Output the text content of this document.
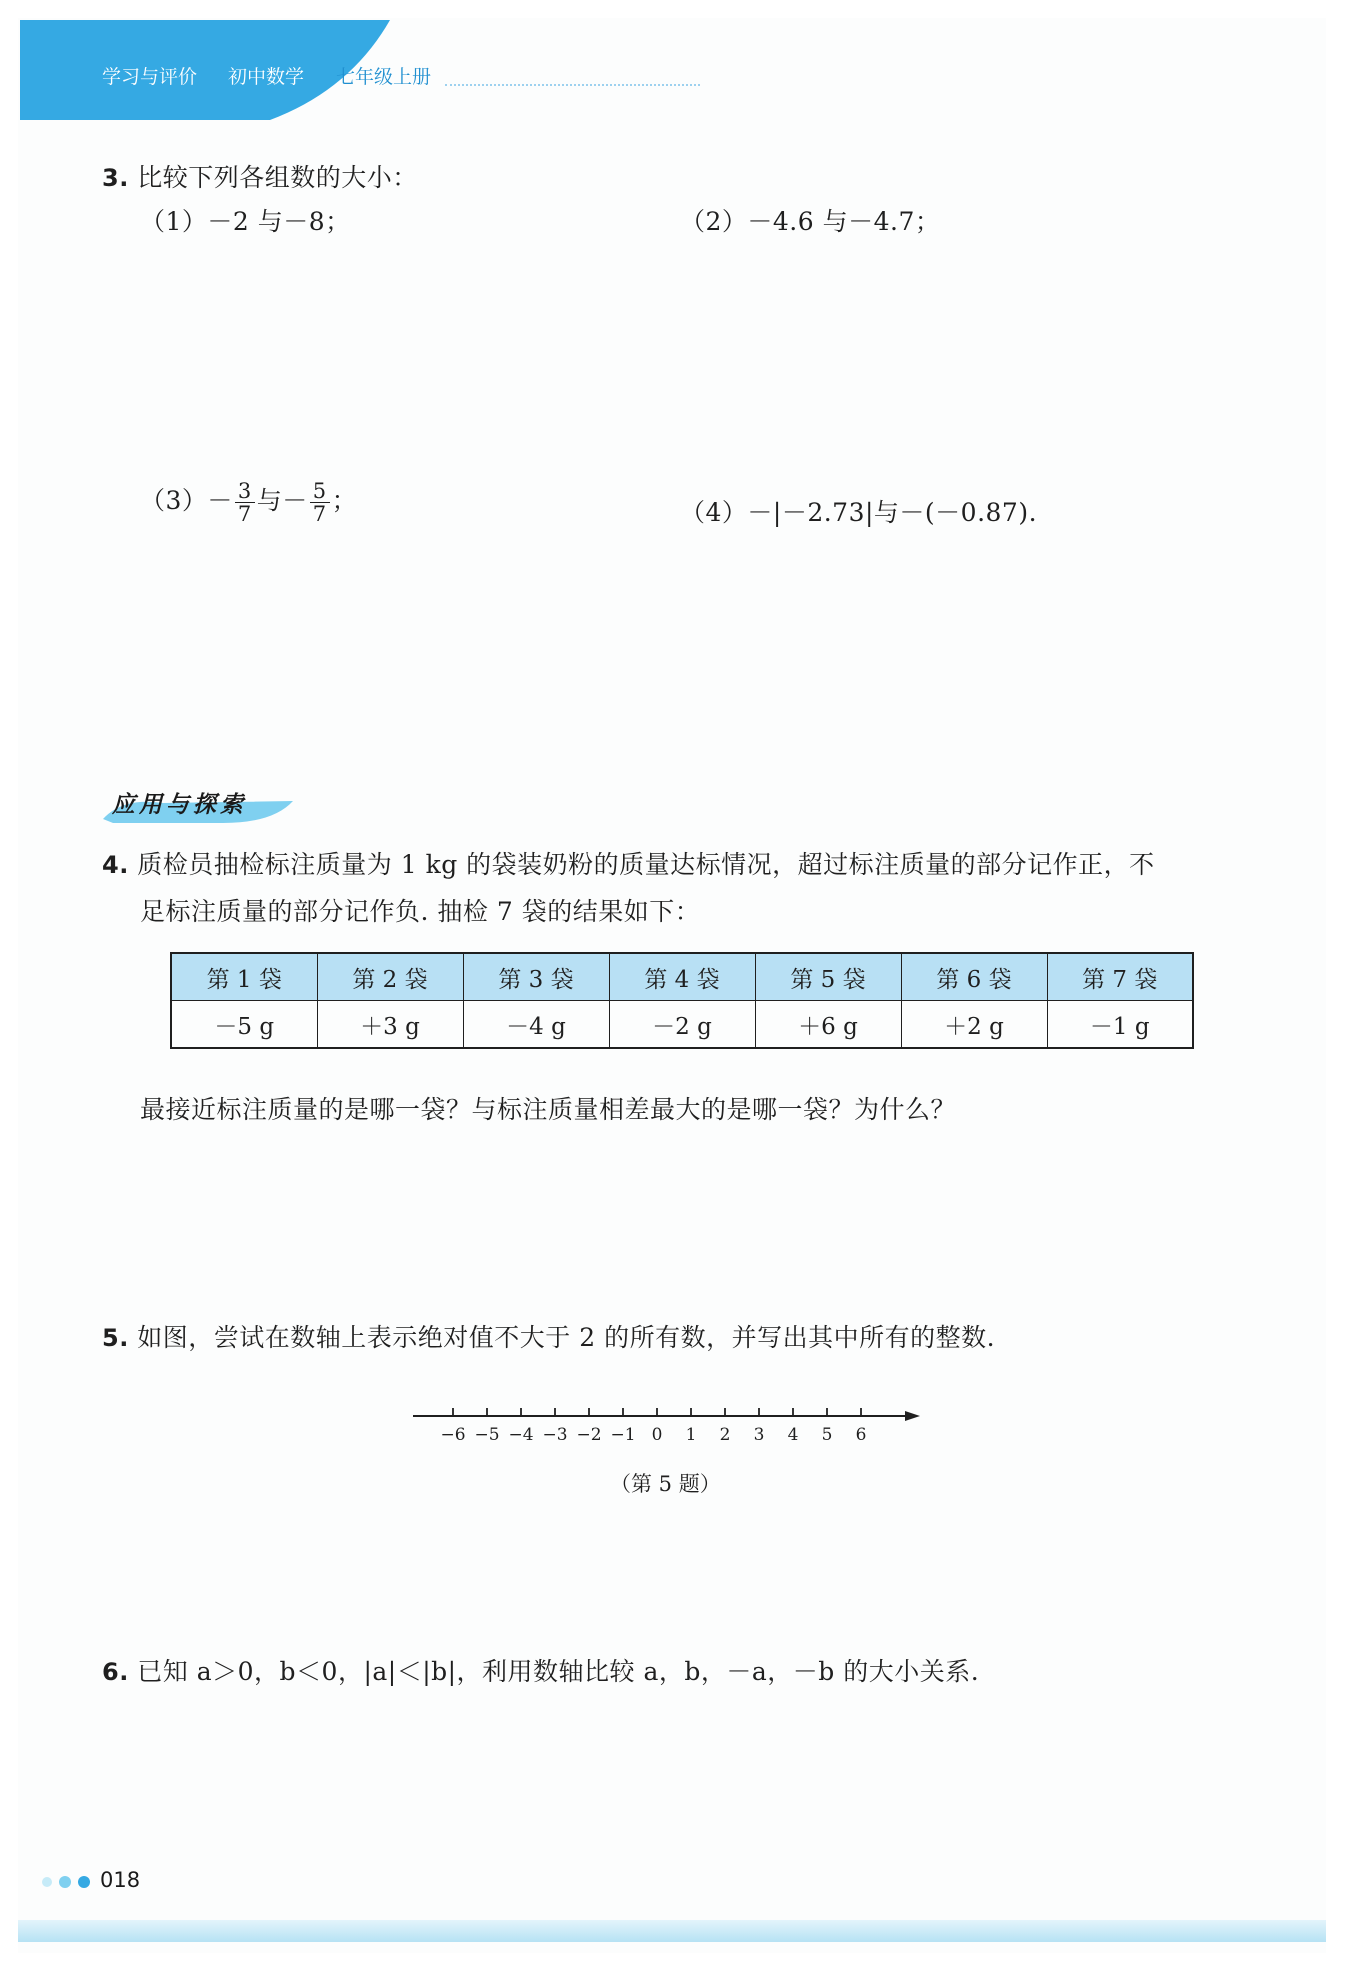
学习与评价 初中数学 七年级上册
3. 比较下列各组数的大小：
（1）－2 与－8；	（2）－4.6 与－4.7；
$(3)- \frac{3}{7}$ 与－ $\frac{5}{7}$ ；	（4）－|－2.73|与－(－0.87).
应用与探索
4. 质检员抽检标注质量为 1 kg 的袋装奶粉的质量达标情况，超过标注质量的部分记作正，不
足标注质量的部分记作负. 抽检 7 袋的结果如下：
第 1 袋	第 2 袋	第 3 袋	第 4 袋	第 5 袋	第 6 袋	第 7 袋
－5 g	＋3 g	－4 g	－2 g	＋6 g	＋2 g	－1 g
最接近标注质量的是哪一袋？与标注质量相差最大的是哪一袋？为什么？
5. 如图，尝试在数轴上表示绝对值不大于 2 的所有数，并写出其中所有的整数.
−6 −5 −4 −3 −2 −1 0 1 2 3 4 5 6
（第 5 题）
6. 已知 a＞0，b＜0，|a|＜|b|，利用数轴比较 a，b，－a，－b 的大小关系.
018
